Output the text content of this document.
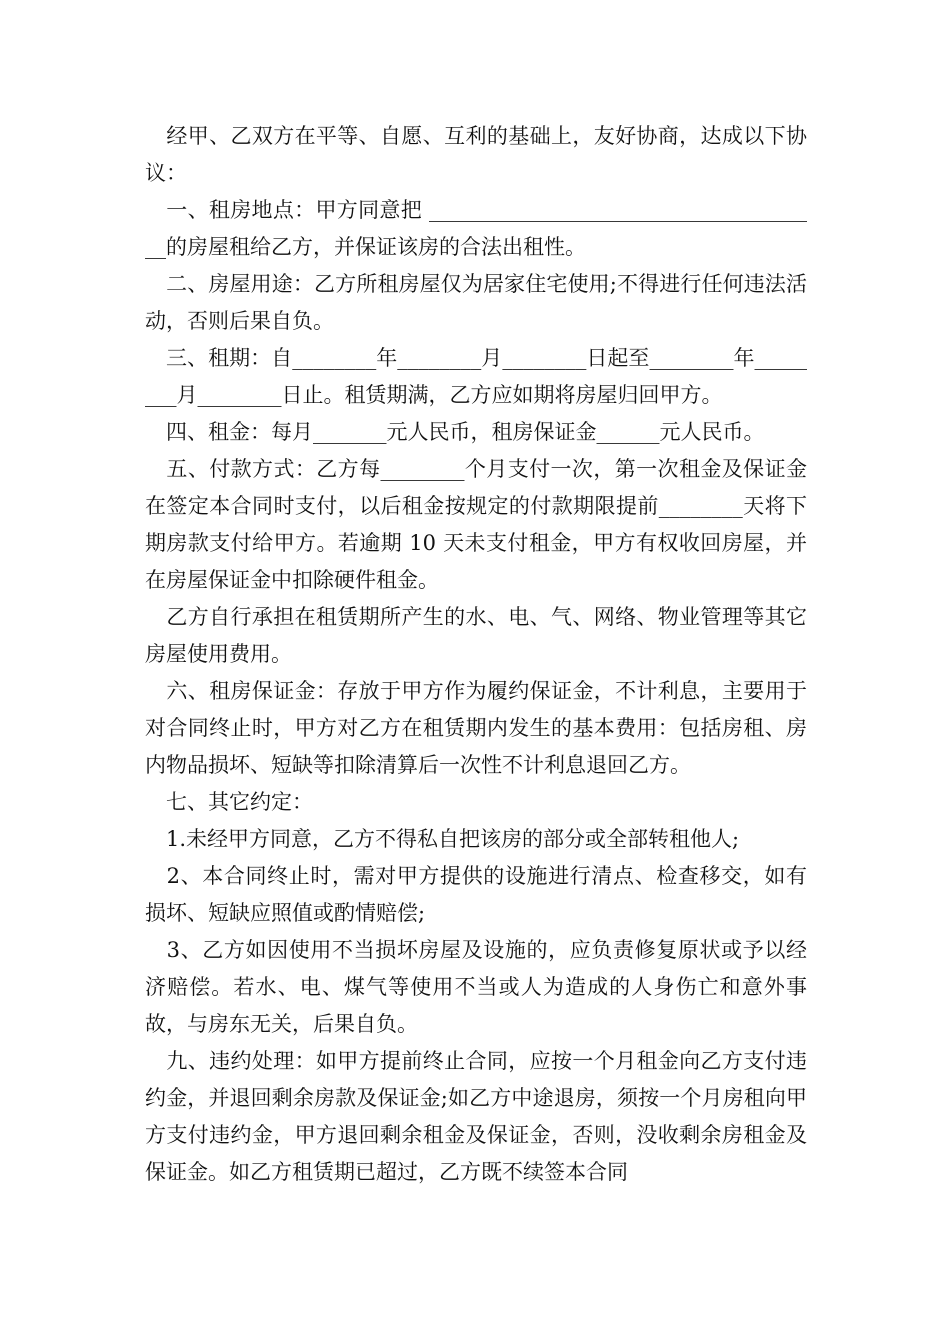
　经甲、乙双方在平等、自愿、互利的基础上，友好协商，达成以下协议：

　一、租房地点：甲方同意把 ______________________________________的房屋租给乙方，并保证该房的合法出租性。

　二、房屋用途：乙方所租房屋仅为居家住宅使用;不得进行任何违法活动，否则后果自负。

　三、租期：自________年________月________日起至________年________月________日止。租赁期满，乙方应如期将房屋归回甲方。

　四、租金：每月_______元人民币，租房保证金______元人民币。

　五、付款方式：乙方每________个月支付一次，第一次租金及保证金在签定本合同时支付，以后租金按规定的付款期限提前________天将下期房款支付给甲方。若逾期 10 天未支付租金，甲方有权收回房屋，并在房屋保证金中扣除硬件租金。

　乙方自行承担在租赁期所产生的水、电、气、网络、物业管理等其它房屋使用费用。

　六、租房保证金：存放于甲方作为履约保证金，不计利息，主要用于对合同终止时，甲方对乙方在租赁期内发生的基本费用：包括房租、房内物品损坏、短缺等扣除清算后一次性不计利息退回乙方。

　七、其它约定：

　1.未经甲方同意，乙方不得私自把该房的部分或全部转租他人;

　2、本合同终止时，需对甲方提供的设施进行清点、检查移交，如有损坏、短缺应照值或酌情赔偿;

　3、乙方如因使用不当损坏房屋及设施的，应负责修复原状或予以经济赔偿。若水、电、煤气等使用不当或人为造成的人身伤亡和意外事故，与房东无关，后果自负。

　九、违约处理：如甲方提前终止合同，应按一个月租金向乙方支付违约金，并退回剩余房款及保证金;如乙方中途退房，须按一个月房租向甲方支付违约金，甲方退回剩余租金及保证金，否则，没收剩余房租金及保证金。如乙方租赁期已超过，乙方既不续签本合同
